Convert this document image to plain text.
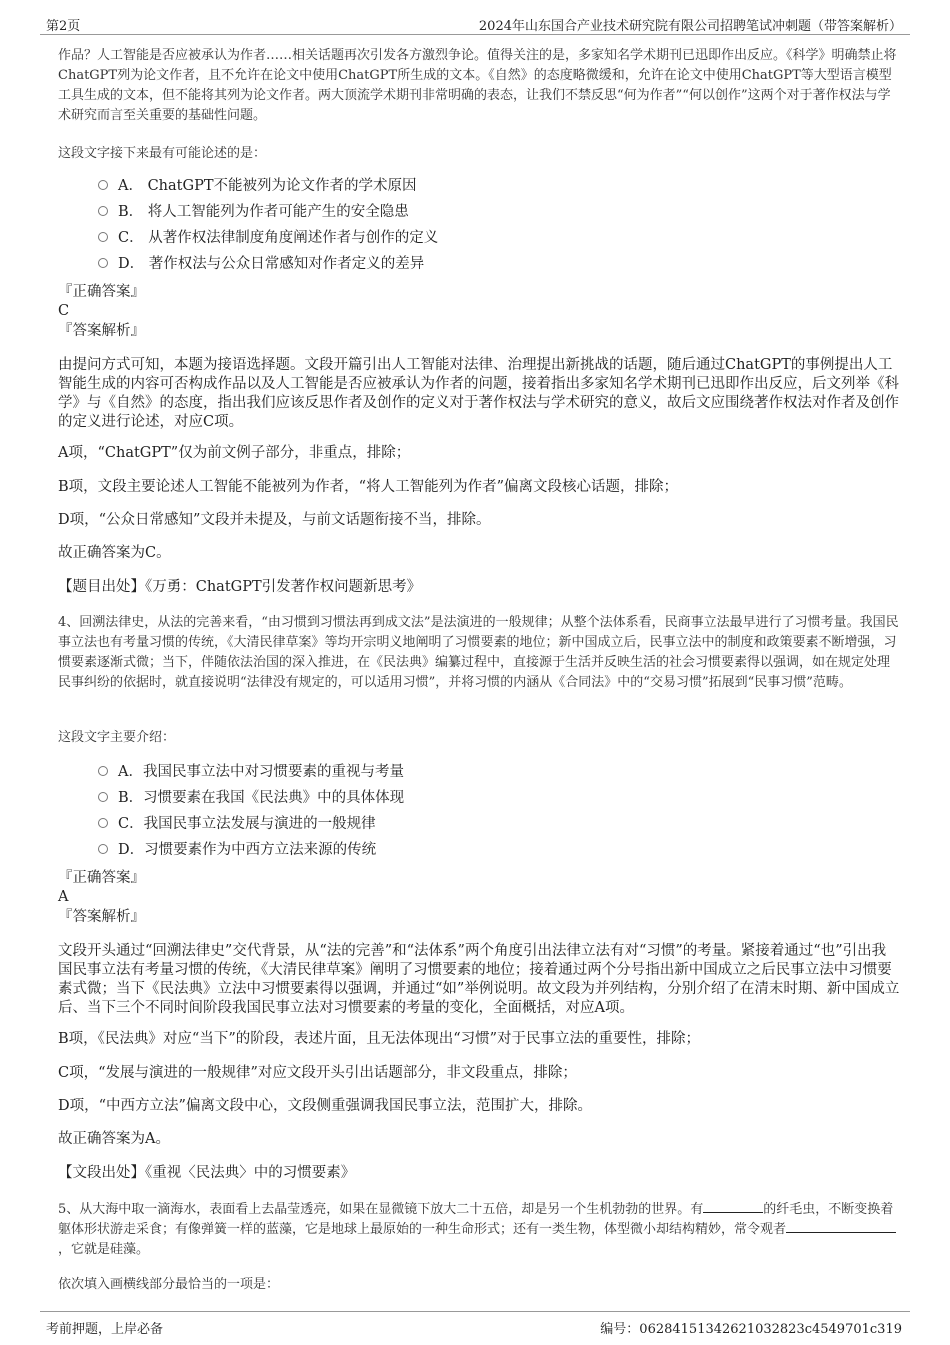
第2页	2024年山东国合产业技术研究院有限公司招聘笔试冲刺题（带答案解析）

作品？人工智能是否应被承认为作者……相关话题再次引发各方激烈争论。值得关注的是，多家知名学术期刊已迅即作出反应。《科学》明确禁止将ChatGPT列为论文作者，且不允许在论文中使用ChatGPT所生成的文本。《自然》的态度略微缓和，允许在论文中使用ChatGPT等大型语言模型工具生成的文本，但不能将其列为论文作者。两大顶流学术期刊非常明确的表态，让我们不禁反思“何为作者”“何以创作”这两个对于著作权法与学术研究而言至关重要的基础性问题。

这段文字接下来最有可能论述的是：

A． ChatGPT不能被列为论文作者的学术原因
B． 将人工智能列为作者可能产生的安全隐患
C． 从著作权法律制度角度阐述作者与创作的定义
D． 著作权法与公众日常感知对作者定义的差异
『正确答案』
C
『答案解析』

由提问方式可知，本题为接语选择题。文段开篇引出人工智能对法律、治理提出新挑战的话题，随后通过ChatGPT的事例提出人工智能生成的内容可否构成作品以及人工智能是否应被承认为作者的问题，接着指出多家知名学术期刊已迅即作出反应，后文列举《科学》与《自然》的态度，指出我们应该反思作者及创作的定义对于著作权法与学术研究的意义，故后文应围绕著作权法对作者及创作的定义进行论述，对应C项。

A项，“ChatGPT”仅为前文例子部分，非重点，排除；

B项，文段主要论述人工智能不能被列为作者，“将人工智能列为作者”偏离文段核心话题，排除；

D项，“公众日常感知”文段并未提及，与前文话题衔接不当，排除。

故正确答案为C。

【题目出处】《万勇：ChatGPT引发著作权问题新思考》

4、回溯法律史，从法的完善来看，“由习惯到习惯法再到成文法”是法演进的一般规律；从整个法体系看，民商事立法最早进行了习惯考量。我国民事立法也有考量习惯的传统，《大清民律草案》等均开宗明义地阐明了习惯要素的地位；新中国成立后，民事立法中的制度和政策要素不断增强，习惯要素逐渐式微；当下，伴随依法治国的深入推进，在《民法典》编纂过程中，直接源于生活并反映生活的社会习惯要素得以强调，如在规定处理民事纠纷的依据时，就直接说明“法律没有规定的，可以适用习惯”，并将习惯的内涵从《合同法》中的“交易习惯”拓展到“民事习惯”范畴。

这段文字主要介绍：

A．我国民事立法中对习惯要素的重视与考量
B．习惯要素在我国《民法典》中的具体体现
C．我国民事立法发展与演进的一般规律
D．习惯要素作为中西方立法来源的传统
『正确答案』
A
『答案解析』

文段开头通过“回溯法律史”交代背景，从“法的完善”和“法体系”两个角度引出法律立法有对“习惯”的考量。紧接着通过“也”引出我国民事立法有考量习惯的传统，《大清民律草案》阐明了习惯要素的地位；接着通过两个分号指出新中国成立之后民事立法中习惯要素式微；当下《民法典》立法中习惯要素得以强调，并通过“如”举例说明。故文段为并列结构，分别介绍了在清末时期、新中国成立后、当下三个不同时间阶段我国民事立法对习惯要素的考量的变化，全面概括，对应A项。

B项，《民法典》对应“当下”的阶段，表述片面，且无法体现出“习惯”对于民事立法的重要性，排除；

C项，“发展与演进的一般规律”对应文段开头引出话题部分，非文段重点，排除；

D项，“中西方立法”偏离文段中心，文段侧重强调我国民事立法，范围扩大，排除。

故正确答案为A。

【文段出处】《重视〈民法典〉中的习惯要素》

5、从大海中取一滴海水，表面看上去晶莹透亮，如果在显微镜下放大二十五倍，却是另一个生机勃勃的世界。有	的纤毛虫，不断变换着躯体形状游走采食；有像弹簧一样的蓝藻，它是地球上最原始的一种生命形式；还有一类生物，体型微小却结构精妙，常令观者，它就是硅藻。

依次填入画横线部分最恰当的一项是：

考前押题，上岸必备	编号：062841513426210328​23c4549701c319
